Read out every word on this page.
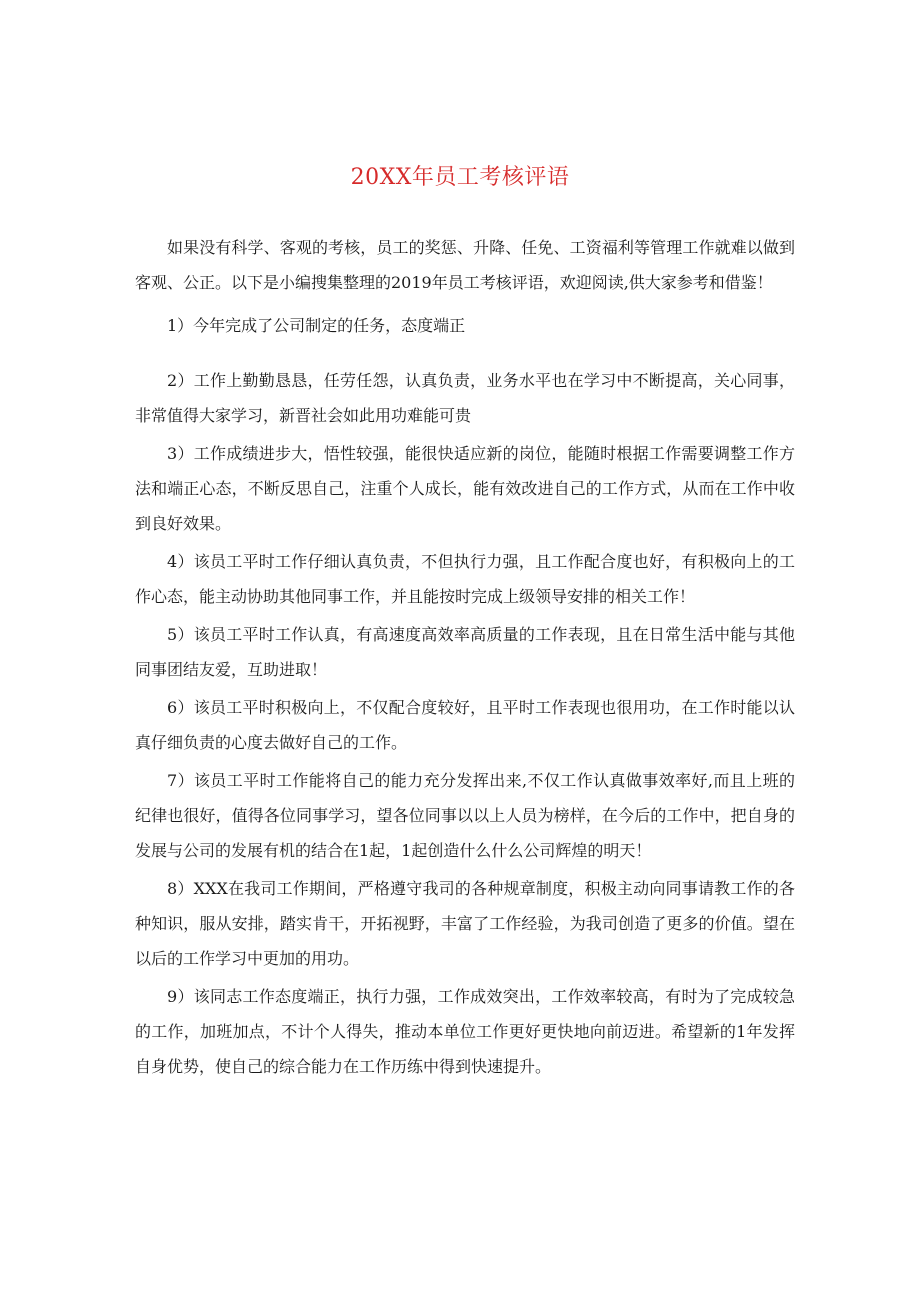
20XX年员工考核评语

如果没有科学、客观的考核，员工的奖惩、升降、任免、工资福利等管理工作就难以做到客观、公正。以下是小编搜集整理的2019年员工考核评语，欢迎阅读,供大家参考和借鉴！

1）今年完成了公司制定的任务，态度端正

2）工作上勤勤恳恳，任劳任怨，认真负责，业务水平也在学习中不断提高，关心同事，非常值得大家学习，新晋社会如此用功难能可贵

3）工作成绩进步大，悟性较强，能很快适应新的岗位，能随时根据工作需要调整工作方法和端正心态，不断反思自己，注重个人成长，能有效改进自己的工作方式，从而在工作中收到良好效果。

4）该员工平时工作仔细认真负责，不但执行力强，且工作配合度也好，有积极向上的工作心态，能主动协助其他同事工作，并且能按时完成上级领导安排的相关工作！

5）该员工平时工作认真，有高速度高效率高质量的工作表现，且在日常生活中能与其他同事团结友爱，互助进取！

6）该员工平时积极向上，不仅配合度较好，且平时工作表现也很用功，在工作时能以认真仔细负责的心度去做好自己的工作。

7）该员工平时工作能将自己的能力充分发挥出来,不仅工作认真做事效率好,而且上班的纪律也很好，值得各位同事学习，望各位同事以以上人员为榜样，在今后的工作中，把自身的发展与公司的发展有机的结合在1起，1起创造什么什么公司辉煌的明天！

8）XXX在我司工作期间，严格遵守我司的各种规章制度，积极主动向同事请教工作的各种知识，服从安排，踏实肯干，开拓视野，丰富了工作经验，为我司创造了更多的价值。望在以后的工作学习中更加的用功。

9）该同志工作态度端正，执行力强，工作成效突出，工作效率较高，有时为了完成较急的工作，加班加点，不计个人得失，推动本单位工作更好更快地向前迈进。希望新的1年发挥自身优势，使自己的综合能力在工作历练中得到快速提升。
